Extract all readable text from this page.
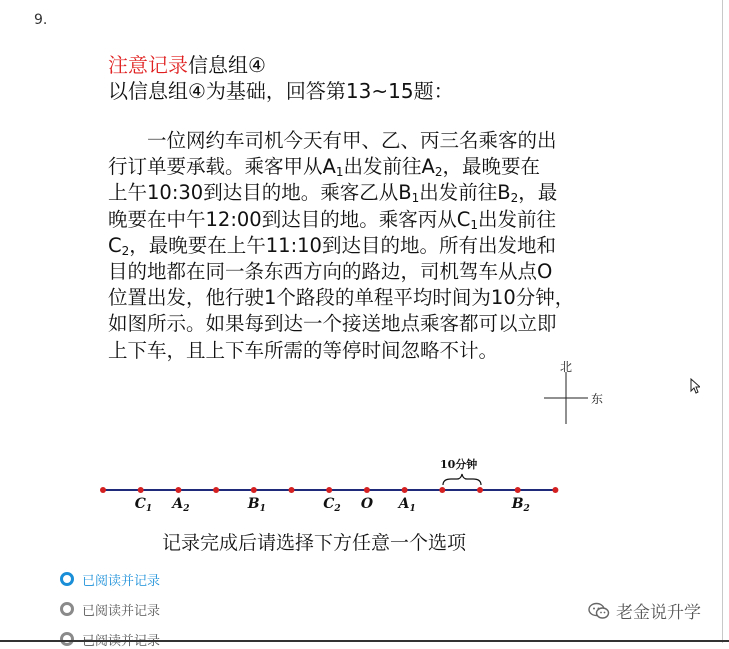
9.
注意记录信息组④
以信息组④为基础，回答第13~15题：
  一位网约车司机今天有甲、乙、丙三名乘客的出
行订单要承载。乘客甲从$A_1$出发前往$A_2$，最晚要在
上午10:30到达目的地。乘客乙从$B_1$出发前往$B_2$，最
晚要在中午12:00到达目的地。乘客丙从$C_1$出发前往
$C_2$，最晚要在上午11:10到达目的地。所有出发地和
目的地都在同一条东西方向的路边，司机驾车从点O
位置出发，他行驶1个路段的单程平均时间为10分钟，
如图所示。如果每到达一个接送地点乘客都可以立即
上下车，且上下车所需的等停时间忽略不计。
北
东
10分钟
$C_1$ $A_2$	$B_1$	$C_2$ O $A_1$	$B_2$
记录完成后请选择下方任意一个选项
已阅读并记录
已阅读并记录	老金说升学
